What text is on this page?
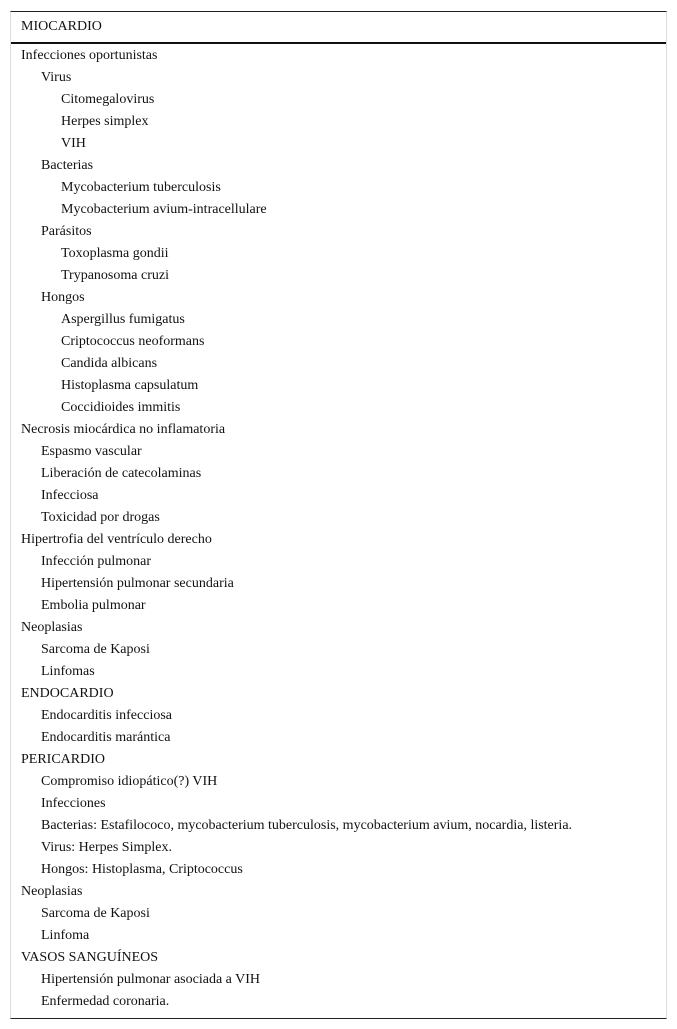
MIOCARDIO
Infecciones oportunistas
Virus
Citomegalovirus
Herpes simplex
VIH
Bacterias
Mycobacterium tuberculosis
Mycobacterium avium-intracellulare
Parásitos
Toxoplasma gondii
Trypanosoma cruzi
Hongos
Aspergillus fumigatus
Criptococcus neoformans
Candida albicans
Histoplasma capsulatum
Coccidioides immitis
Necrosis miocárdica no inflamatoria
Espasmo vascular
Liberación de catecolaminas
Infecciosa
Toxicidad por drogas
Hipertrofia del ventrículo derecho
Infección pulmonar
Hipertensión pulmonar secundaria
Embolia pulmonar
Neoplasias
Sarcoma de Kaposi
Linfomas
ENDOCARDIO
Endocarditis infecciosa
Endocarditis marántica
PERICARDIO
Compromiso idiopático(?) VIH
Infecciones
Bacterias: Estafilococo, mycobacterium tuberculosis, mycobacterium avium, nocardia, listeria.
Virus: Herpes Simplex.
Hongos: Histoplasma, Criptococcus
Neoplasias
Sarcoma de Kaposi
Linfoma
VASOS SANGUÍNEOS
Hipertensión pulmonar asociada a VIH
Enfermedad coronaria.
